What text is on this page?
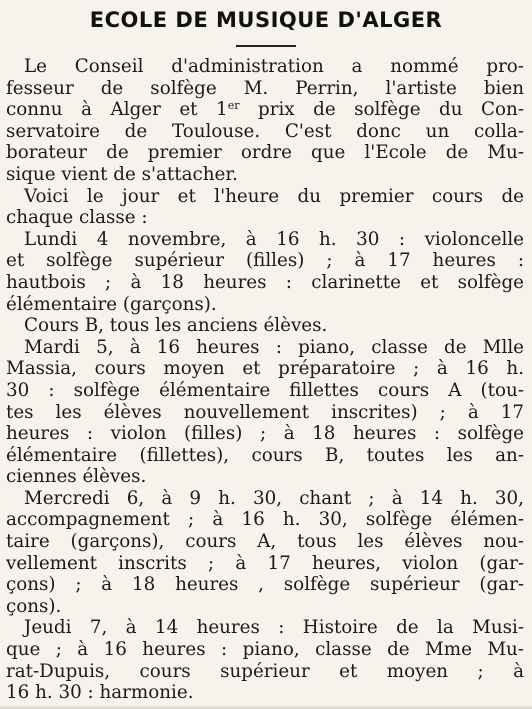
ECOLE DE MUSIQUE D'ALGER
Le Conseil d'administration a nommé pro-
fesseur de solfège M. Perrin, l'artiste bien
connu à Alger et 1er prix de solfège du Con-
servatoire de Toulouse. C'est donc un colla-
borateur de premier ordre que l'Ecole de Mu-
sique vient de s'attacher.
Voici le jour et l'heure du premier cours de
chaque classe :
Lundi 4 novembre, à 16 h. 30 : violoncelle
et solfège supérieur (filles) ; à 17 heures :
hautbois ; à 18 heures : clarinette et solfège
élémentaire (garçons).
Cours B, tous les anciens élèves.
Mardi 5, à 16 heures : piano, classe de Mlle
Massia, cours moyen et préparatoire ; à 16 h.
30 : solfège élémentaire fillettes cours A (tou-
tes les élèves nouvellement inscrites) ; à 17
heures : violon (filles) ; à 18 heures : solfège
élémentaire (fillettes), cours B, toutes les an-
ciennes élèves.
Mercredi 6, à 9 h. 30, chant ; à 14 h. 30,
accompagnement ; à 16 h. 30, solfège élémen-
taire (garçons), cours A, tous les élèves nou-
vellement inscrits ; à 17 heures, violon (gar-
çons) ; à 18 heures , solfège supérieur (gar-
çons).
Jeudi 7, à 14 heures : Histoire de la Musi-
que ; à 16 heures : piano, classe de Mme Mu-
rat-Dupuis, cours supérieur et moyen ; à
16 h. 30 : harmonie.
